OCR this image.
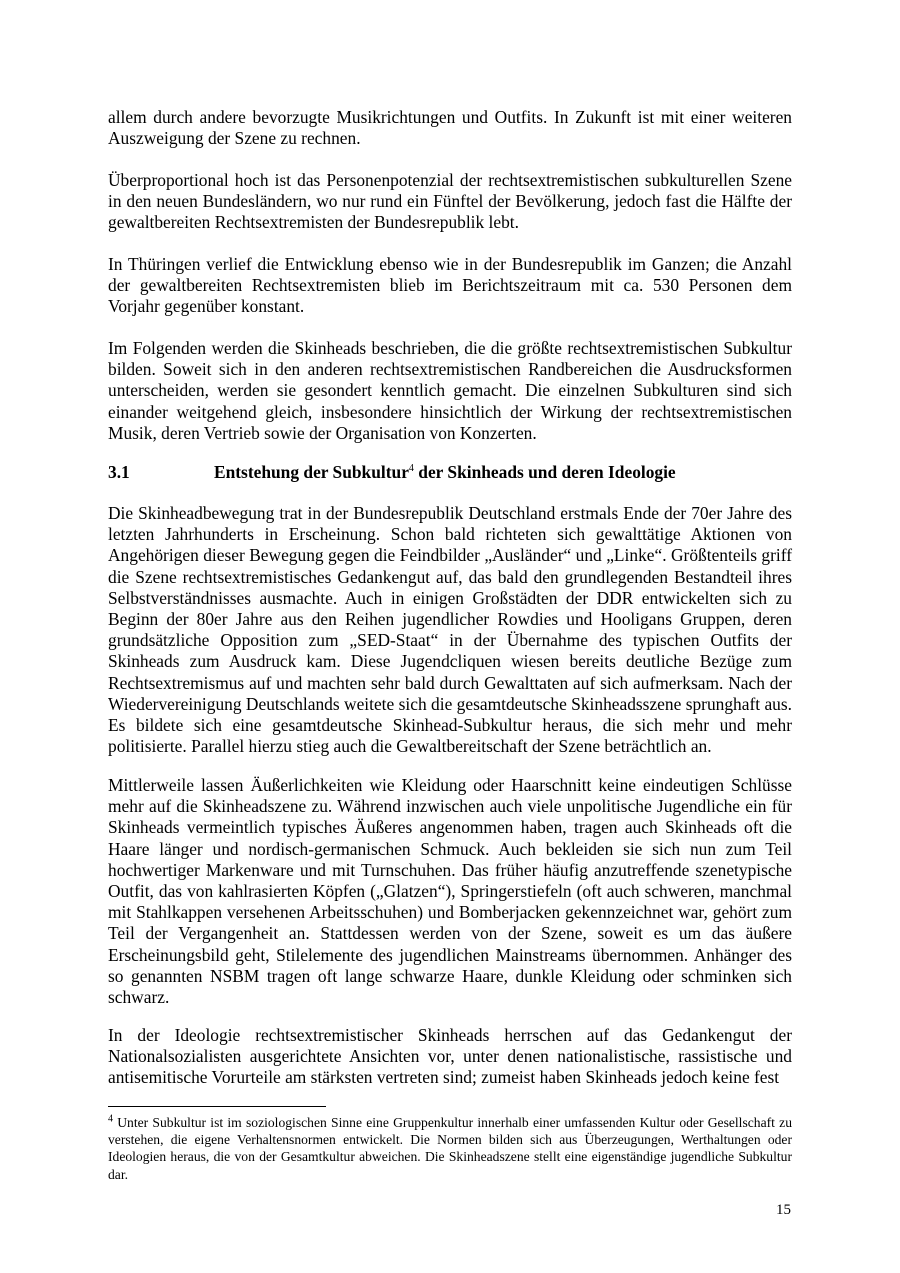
allem durch andere bevorzugte Musikrichtungen und Outfits. In Zukunft ist mit einer weiteren Auszweigung der Szene zu rechnen.

Überproportional hoch ist das Personenpotenzial der rechtsextremistischen subkulturellen Szene in den neuen Bundesländern, wo nur rund ein Fünftel der Bevölkerung, jedoch fast die Hälfte der gewaltbereiten Rechtsextremisten der Bundesrepublik lebt.

In Thüringen verlief die Entwicklung ebenso wie in der Bundesrepublik im Ganzen; die Anzahl der gewaltbereiten Rechtsextremisten blieb im Berichtszeitraum mit ca. 530 Personen dem Vorjahr gegenüber konstant.

Im Folgenden werden die Skinheads beschrieben, die die größte rechtsextremistischen Subkultur bilden. Soweit sich in den anderen rechtsextremistischen Randbereichen die Ausdrucksformen unterscheiden, werden sie gesondert kenntlich gemacht. Die einzelnen Subkulturen sind sich einander weitgehend gleich, insbesondere hinsichtlich der Wirkung der rechtsextremistischen Musik, deren Vertrieb sowie der Organisation von Konzerten.

3.1	Entstehung der Subkultur$^4$ der Skinheads und deren Ideologie

Die Skinheadbewegung trat in der Bundesrepublik Deutschland erstmals Ende der 70er Jahre des letzten Jahrhunderts in Erscheinung. Schon bald richteten sich gewalttätige Aktionen von Angehörigen dieser Bewegung gegen die Feindbilder „Ausländer“ und „Linke“. Größtenteils griff die Szene rechtsextremistisches Gedankengut auf, das bald den grundlegenden Bestandteil ihres Selbstverständnisses ausmachte. Auch in einigen Großstädten der DDR entwickelten sich zu Beginn der 80er Jahre aus den Reihen jugendlicher Rowdies und Hooligans Gruppen, deren grundsätzliche Opposition zum „SED-Staat“ in der Übernahme des typischen Outfits der Skinheads zum Ausdruck kam. Diese Jugendcliquen wiesen bereits deutliche Bezüge zum Rechtsextremismus auf und machten sehr bald durch Gewalttaten auf sich aufmerksam. Nach der Wiedervereinigung Deutschlands weitete sich die gesamtdeutsche Skinheadsszene sprunghaft aus. Es bildete sich eine gesamtdeutsche Skinhead-Subkultur heraus, die sich mehr und mehr politisierte. Parallel hierzu stieg auch die Gewaltbereitschaft der Szene beträchtlich an.

Mittlerweile lassen Äußerlichkeiten wie Kleidung oder Haarschnitt keine eindeutigen Schlüsse mehr auf die Skinheadszene zu. Während inzwischen auch viele unpolitische Jugendliche ein für Skinheads vermeintlich typisches Äußeres angenommen haben, tragen auch Skinheads oft die Haare länger und nordisch-germanischen Schmuck. Auch bekleiden sie sich nun zum Teil hochwertiger Markenware und mit Turnschuhen. Das früher häufig anzutreffende szenetypische Outfit, das von kahlrasierten Köpfen („Glatzen“), Springerstiefeln (oft auch schweren, manchmal mit Stahlkappen versehenen Arbeitsschuhen) und Bomberjacken gekennzeichnet war, gehört zum Teil der Vergangenheit an. Stattdessen werden von der Szene, soweit es um das äußere Erscheinungsbild geht, Stilelemente des jugendlichen Mainstreams übernommen. Anhänger des so genannten NSBM tragen oft lange schwarze Haare, dunkle Kleidung oder schminken sich schwarz.

In der Ideologie rechtsextremistischer Skinheads herrschen auf das Gedankengut der Nationalsozialisten ausgerichtete Ansichten vor, unter denen nationalistische, rassistische und antisemitische Vorurteile am stärksten vertreten sind; zumeist haben Skinheads jedoch keine fest

$^4$ Unter Subkultur ist im soziologischen Sinne eine Gruppenkultur innerhalb einer umfassenden Kultur oder Gesellschaft zu verstehen, die eigene Verhaltensnormen entwickelt. Die Normen bilden sich aus Überzeugungen, Werthaltungen oder Ideologien heraus, die von der Gesamtkultur abweichen. Die Skinheadszene stellt eine eigenständige jugendliche Subkultur dar.

15
